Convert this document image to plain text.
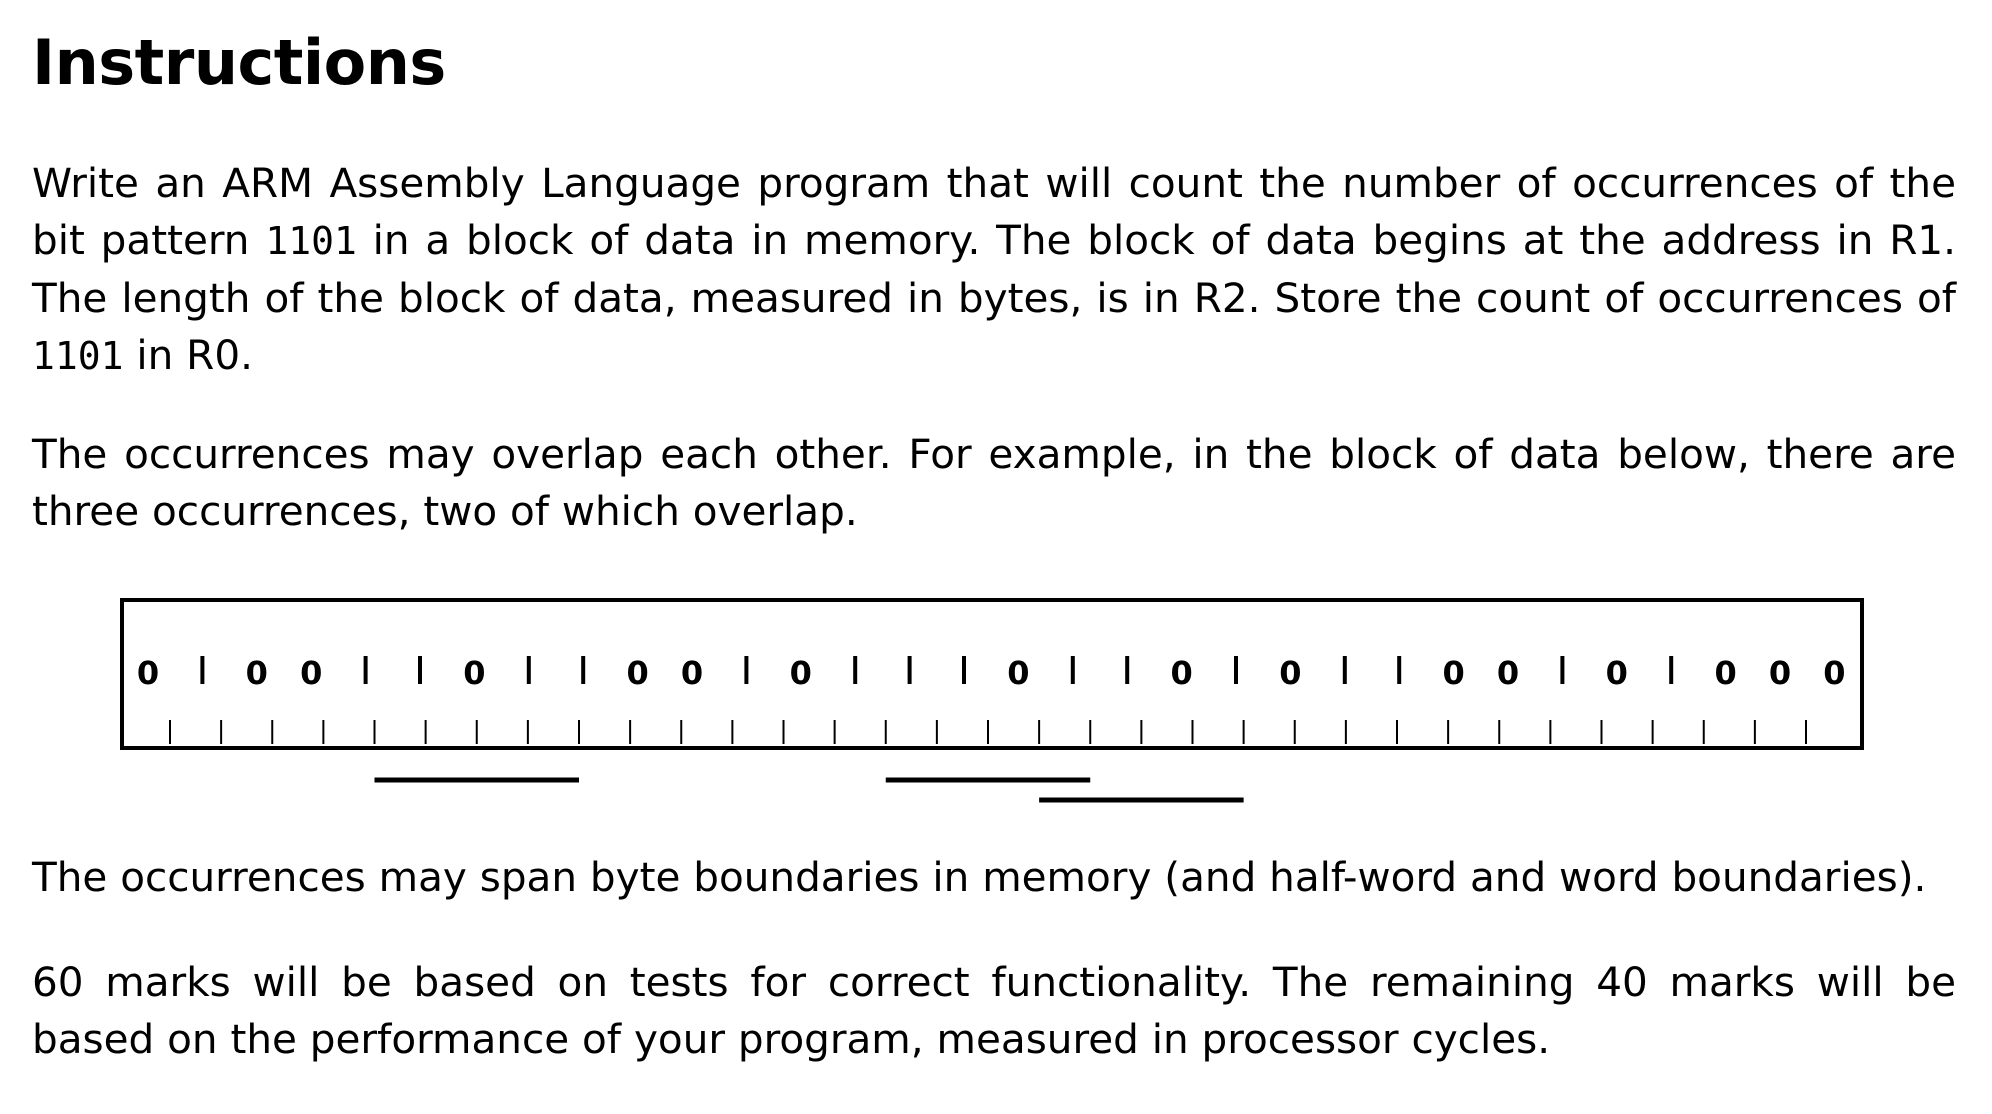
Instructions

Write an ARM Assembly Language program that will count the number of occurrences of the bit pattern 1101 in a block of data in memory. The block of data begins at the address in R1. The length of the block of data, measured in bytes, is in R2. Store the count of occurrences of 1101 in R0.

The occurrences may overlap each other. For example, in the block of data below, there are three occurrences, two of which overlap.

The occurrences may span byte boundaries in memory (and half-word and word boundaries).

60 marks will be based on tests for correct functionality. The remaining 40 marks will be based on the performance of your program, measured in processor cycles.

0	1 0 0	1	1 0	1	1 0 0	1 0	1	1	1 0	1	1 0	1 0	1	1 0 0	1 0	1 0 0 0
